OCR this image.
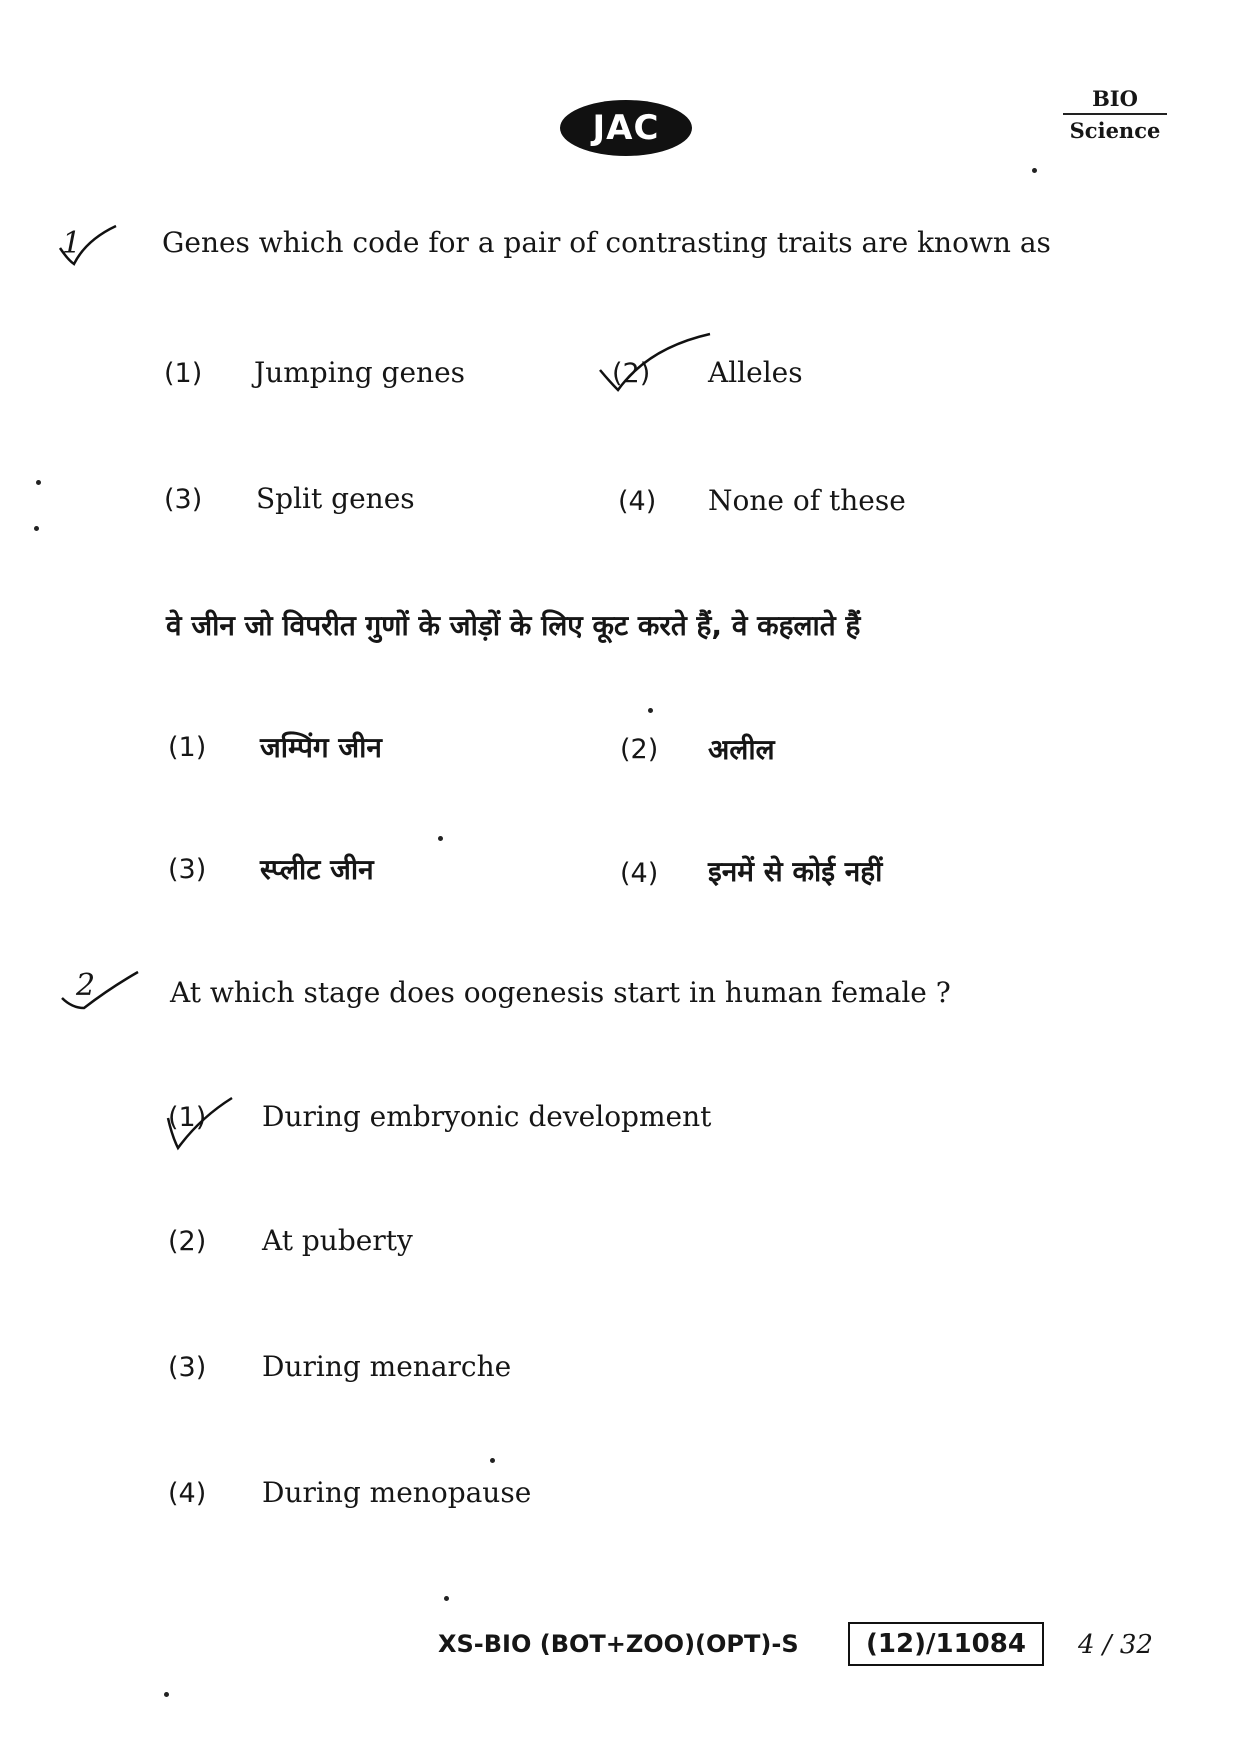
JAC
BIO
Science
1	Genes which code for a pair of contrasting traits are known as
(1) Jumping genes	(2) Alleles
(3) Split genes	(4) None of these
वे जीन जो विपरीत गुणों के जोड़ों के लिए कूट करते हैं, वे कहलाते हैं
(1) जम्पिंग जीन	(2) अलील
(3) स्प्लीट जीन	(4) इनमें से कोई नहीं
2	At which stage does oogenesis start in human female ?
(1) During embryonic development
(2) At puberty
(3) During menarche
(4) During menopause
XS-BIO (BOT+ZOO)(OPT)-S	(12)/11084 4 / 32
